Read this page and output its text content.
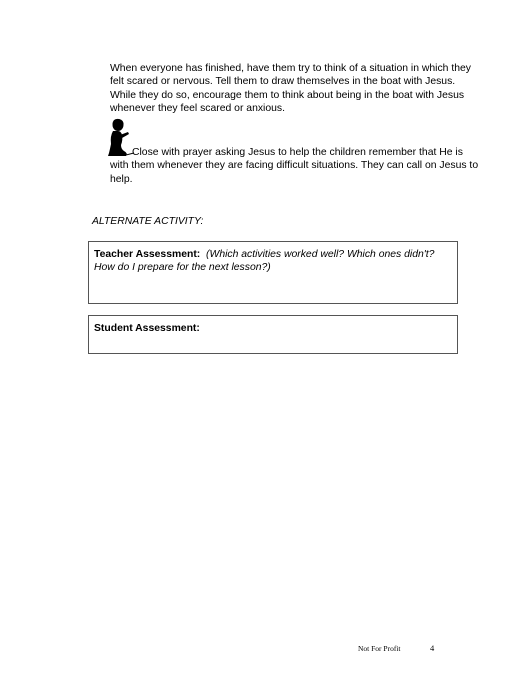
When everyone has finished, have them try to think of a situation in which they felt scared or nervous. Tell them to draw themselves in the boat with Jesus. While they do so, encourage them to think about being in the boat with Jesus whenever they feel scared or anxious.

Close with prayer asking Jesus to help the children remember that He is with them whenever they are facing difficult situations. They can call on Jesus to help.

ALTERNATE ACTIVITY:
Teacher Assessment: (Which activities worked well? Which ones didn't? How do I prepare for the next lesson?)
Student Assessment:
Not For Profit	4
